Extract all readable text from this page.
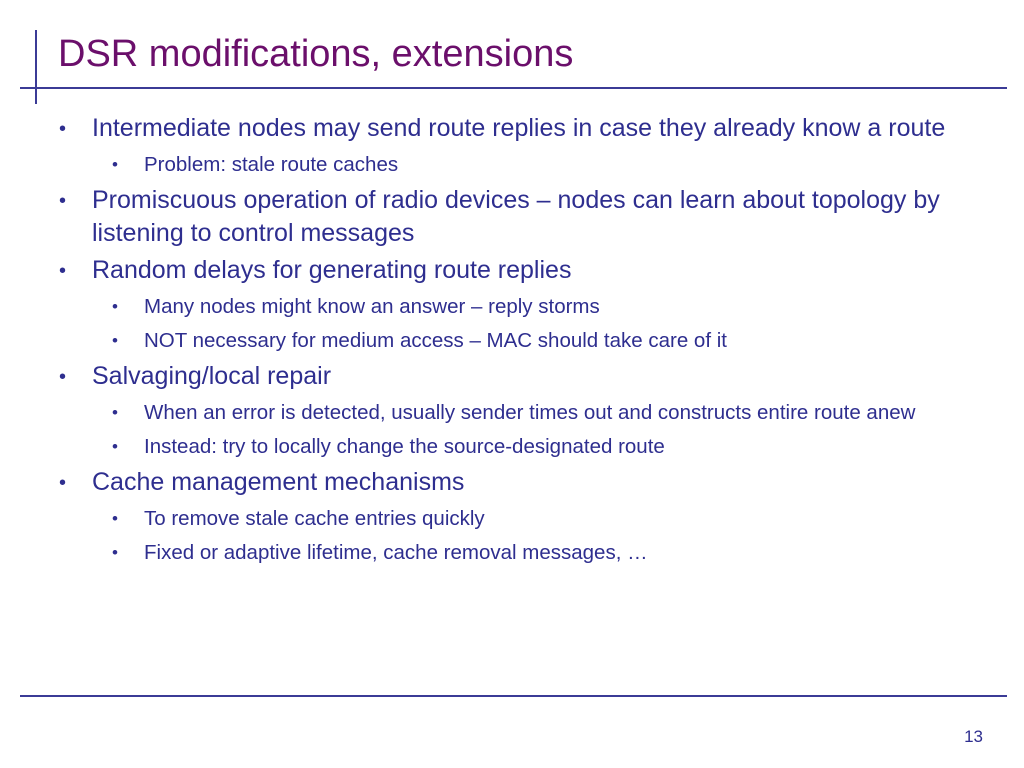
DSR modifications, extensions
•	Intermediate nodes may send route replies in case they already know a route
•	Problem: stale route caches
•	Promiscuous operation of radio devices – nodes can learn about topology by listening to control messages
•	Random delays for generating route replies
•	Many nodes might know an answer – reply storms
•	NOT necessary for medium access – MAC should take care of it
•	Salvaging/local repair
•	When an error is detected, usually sender times out and constructs entire route anew
•	Instead: try to locally change the source-designated route
•	Cache management mechanisms
•	To remove stale cache entries quickly
•	Fixed or adaptive lifetime, cache removal messages, …
13
